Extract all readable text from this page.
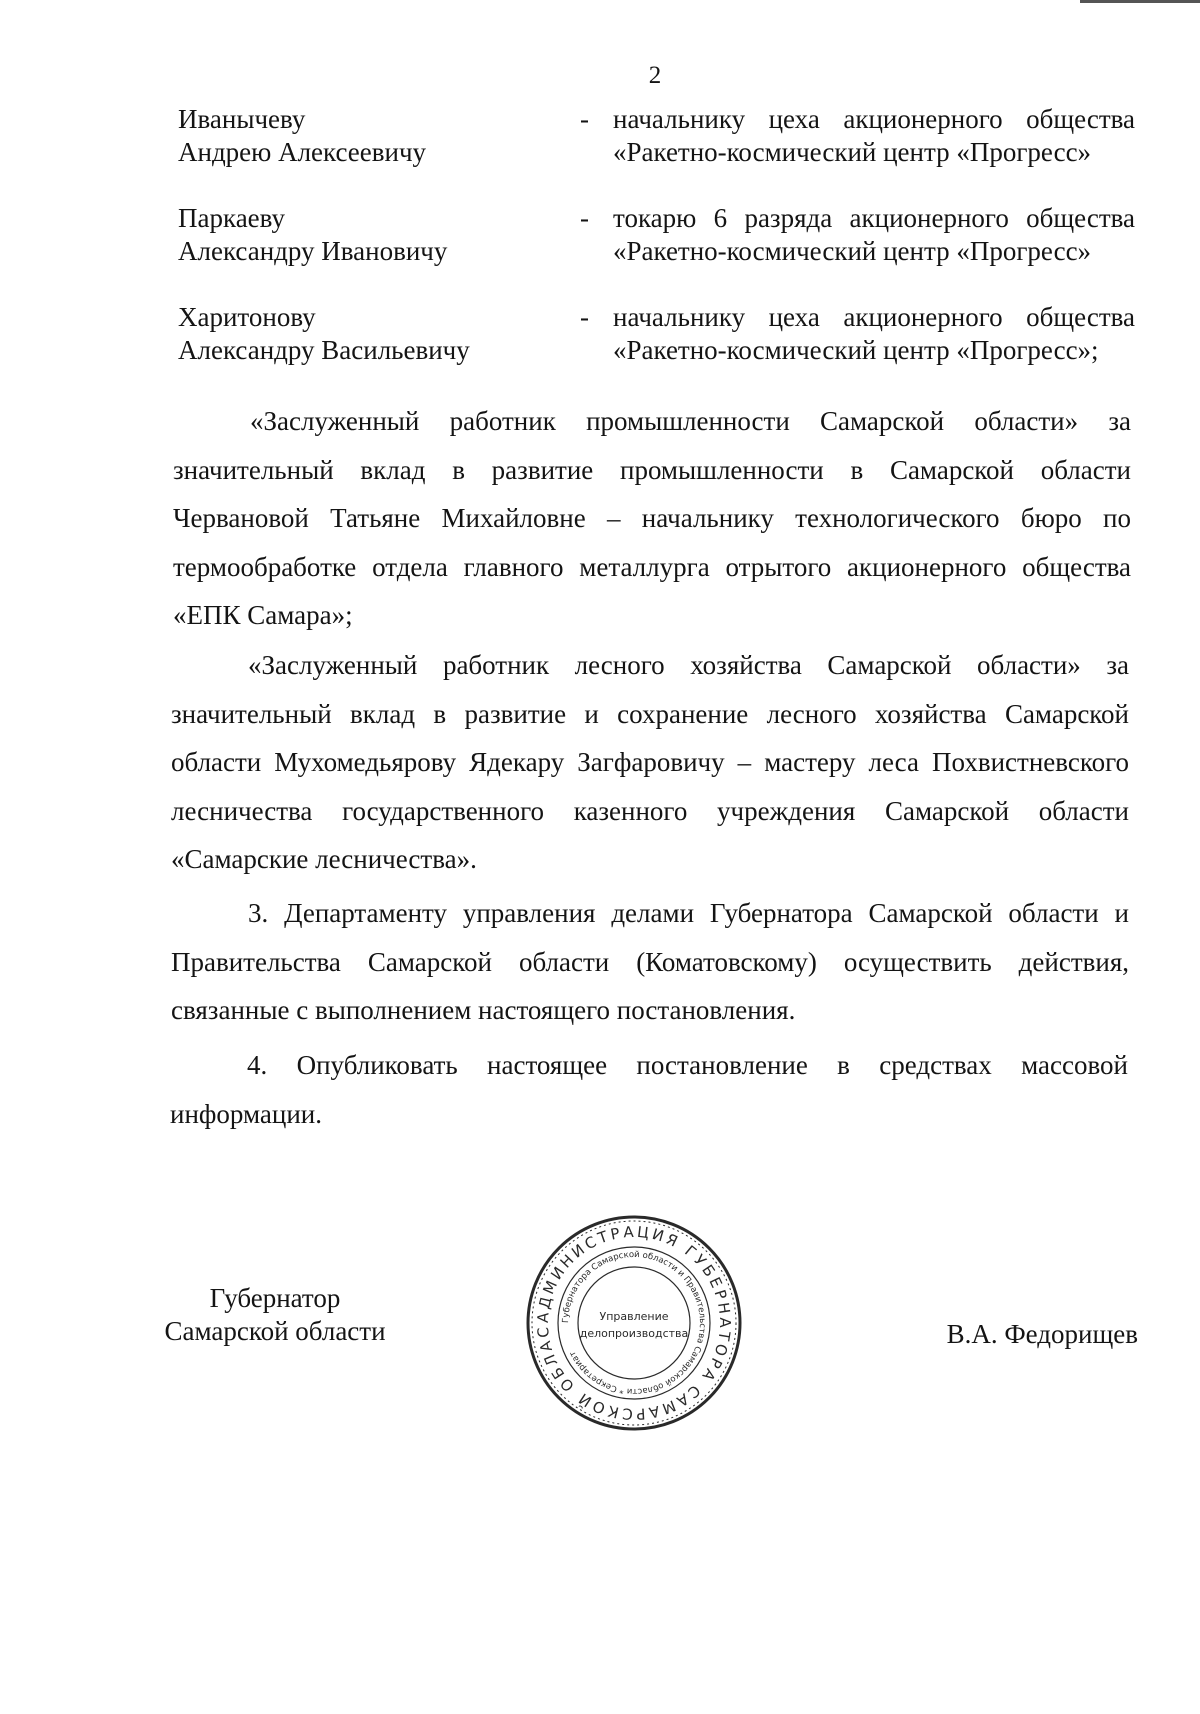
2
Иванычеву
Андрею Алексеевичу
- начальнику цеха акционерного общества
«Ракетно-космический центр «Прогресс»
Паркаеву
Александру Ивановичу
- токарю 6 разряда акционерного общества
«Ракетно-космический центр «Прогресс»
Харитонову
Александру Васильевичу
- начальнику цеха акционерного общества
«Ракетно-космический центр «Прогресс»;

«Заслуженный работник промышленности Самарской области» за значительный вклад в развитие промышленности в Самарской области Червановой Татьяне Михайловне – начальнику технологического бюро по термообработке отдела главного металлурга отрытого акционерного общества «ЕПК Самара»;

«Заслуженный работник лесного хозяйства Самарской области» за значительный вклад в развитие и сохранение лесного хозяйства Самарской области Мухомедьярову Ядекару Загфаровичу – мастеру леса Похвистневского лесничества государственного казенного учреждения Самарской области «Самарские лесничества».

3. Департаменту управления делами Губернатора Самарской области и Правительства Самарской области (Коматовскому) осуществить действия, связанные с выполнением настоящего постановления.

4. Опубликовать настоящее постановление в средствах массовой информации.

Губернатор
Самарской области	АДМИНИСТРАЦИЯ ГУБЕРНАТОРА САМАРСКОЙ ОБЛАС
Губернатора Самарской области и Правительства Самарской области * Секретариат
Управление
делопроизводства	В.А. Федорищев
